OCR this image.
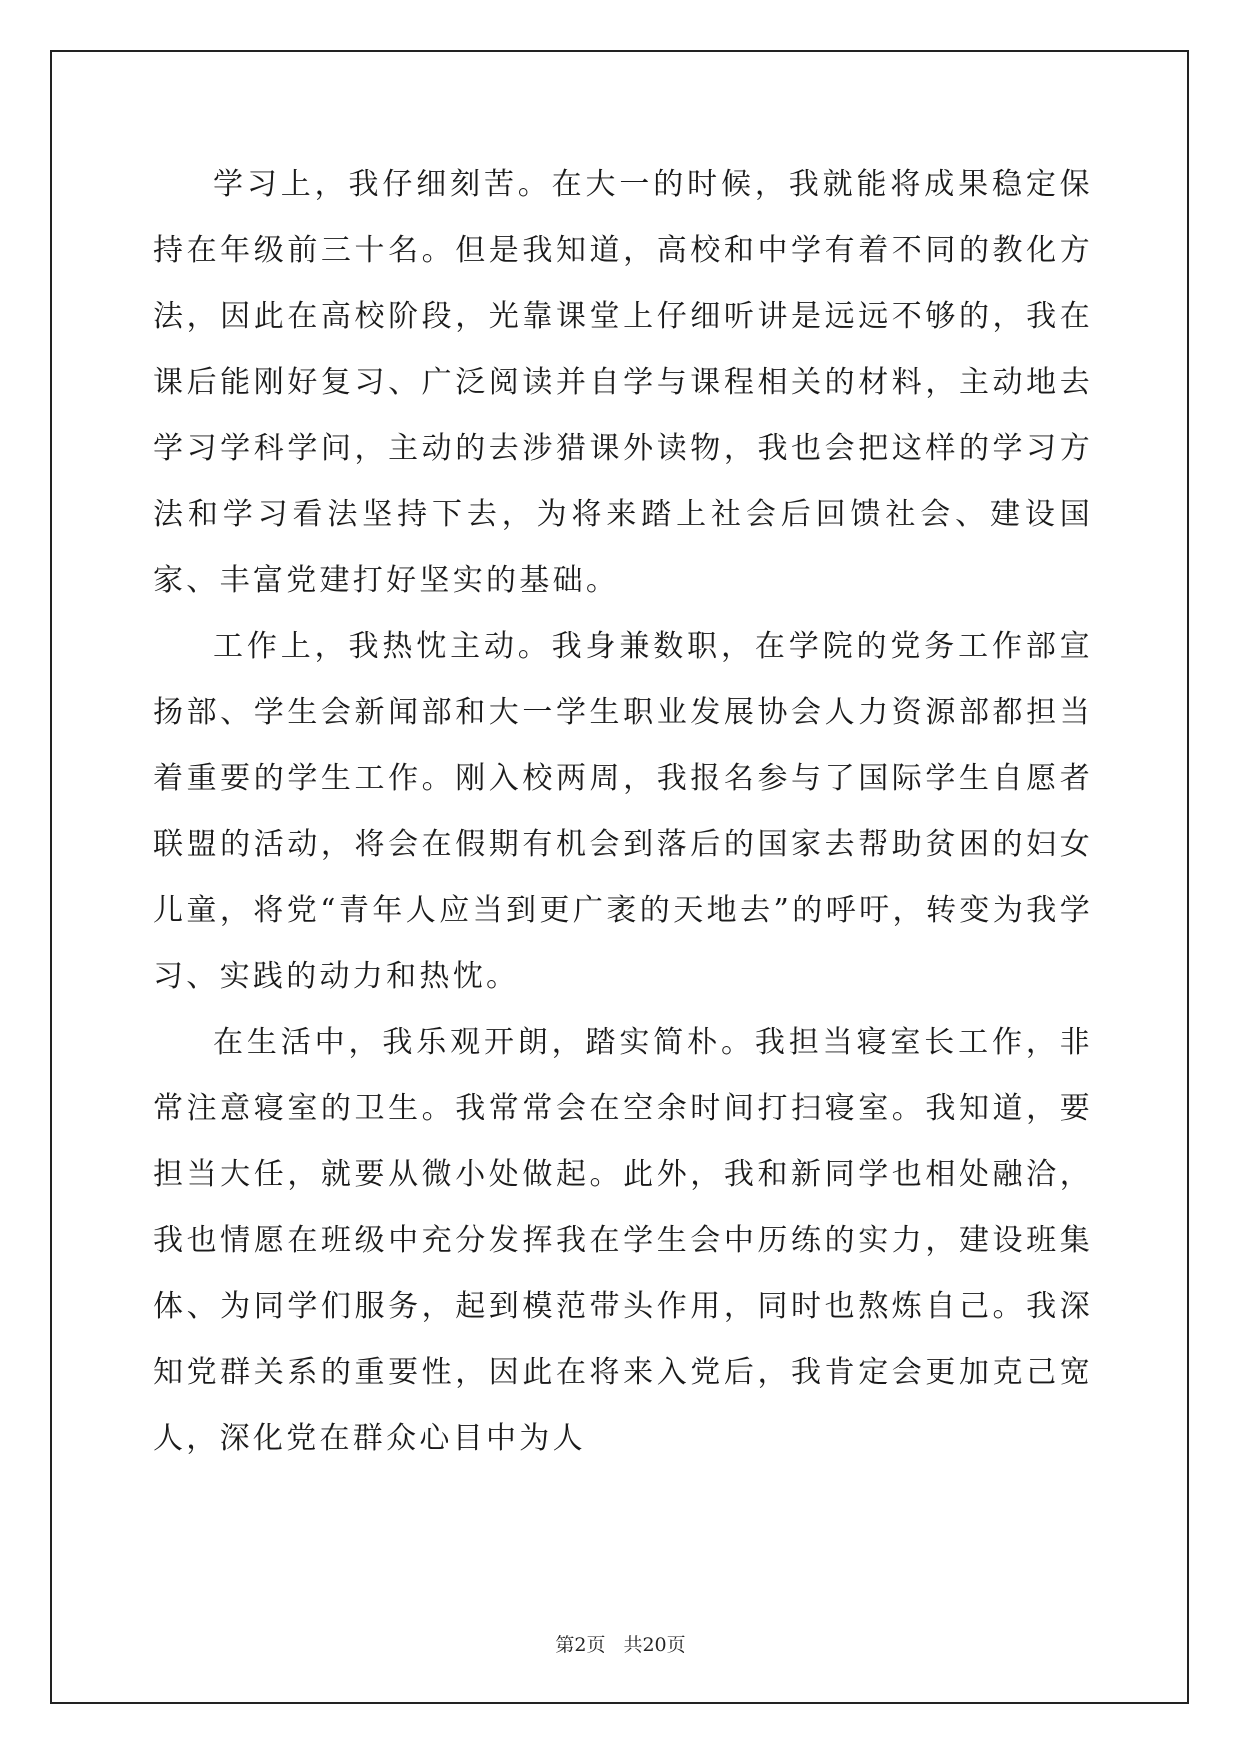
学习上，我仔细刻苦。在大一的时候，我就能将成果稳定保持在年级前三十名。但是我知道，高校和中学有着不同的教化方法，因此在高校阶段，光靠课堂上仔细听讲是远远不够的，我在课后能刚好复习、广泛阅读并自学与课程相关的材料，主动地去学习学科学问，主动的去涉猎课外读物，我也会把这样的学习方法和学习看法坚持下去，为将来踏上社会后回馈社会、建设国家、丰富党建打好坚实的基础。

工作上，我热忱主动。我身兼数职，在学院的党务工作部宣扬部、学生会新闻部和大一学生职业发展协会人力资源部都担当着重要的学生工作。刚入校两周，我报名参与了国际学生自愿者联盟的活动，将会在假期有机会到落后的国家去帮助贫困的妇女儿童，将党“青年人应当到更广袤的天地去”的呼吁，转变为我学习、实践的动力和热忱。

在生活中，我乐观开朗，踏实简朴。我担当寝室长工作，非常注意寝室的卫生。我常常会在空余时间打扫寝室。我知道，要担当大任，就要从微小处做起。此外，我和新同学也相处融洽，我也情愿在班级中充分发挥我在学生会中历练的实力，建设班集体、为同学们服务，起到模范带头作用，同时也熬炼自己。我深知党群关系的重要性，因此在将来入党后，我肯定会更加克己宽人，深化党在群众心目中为人

第2页 共20页
